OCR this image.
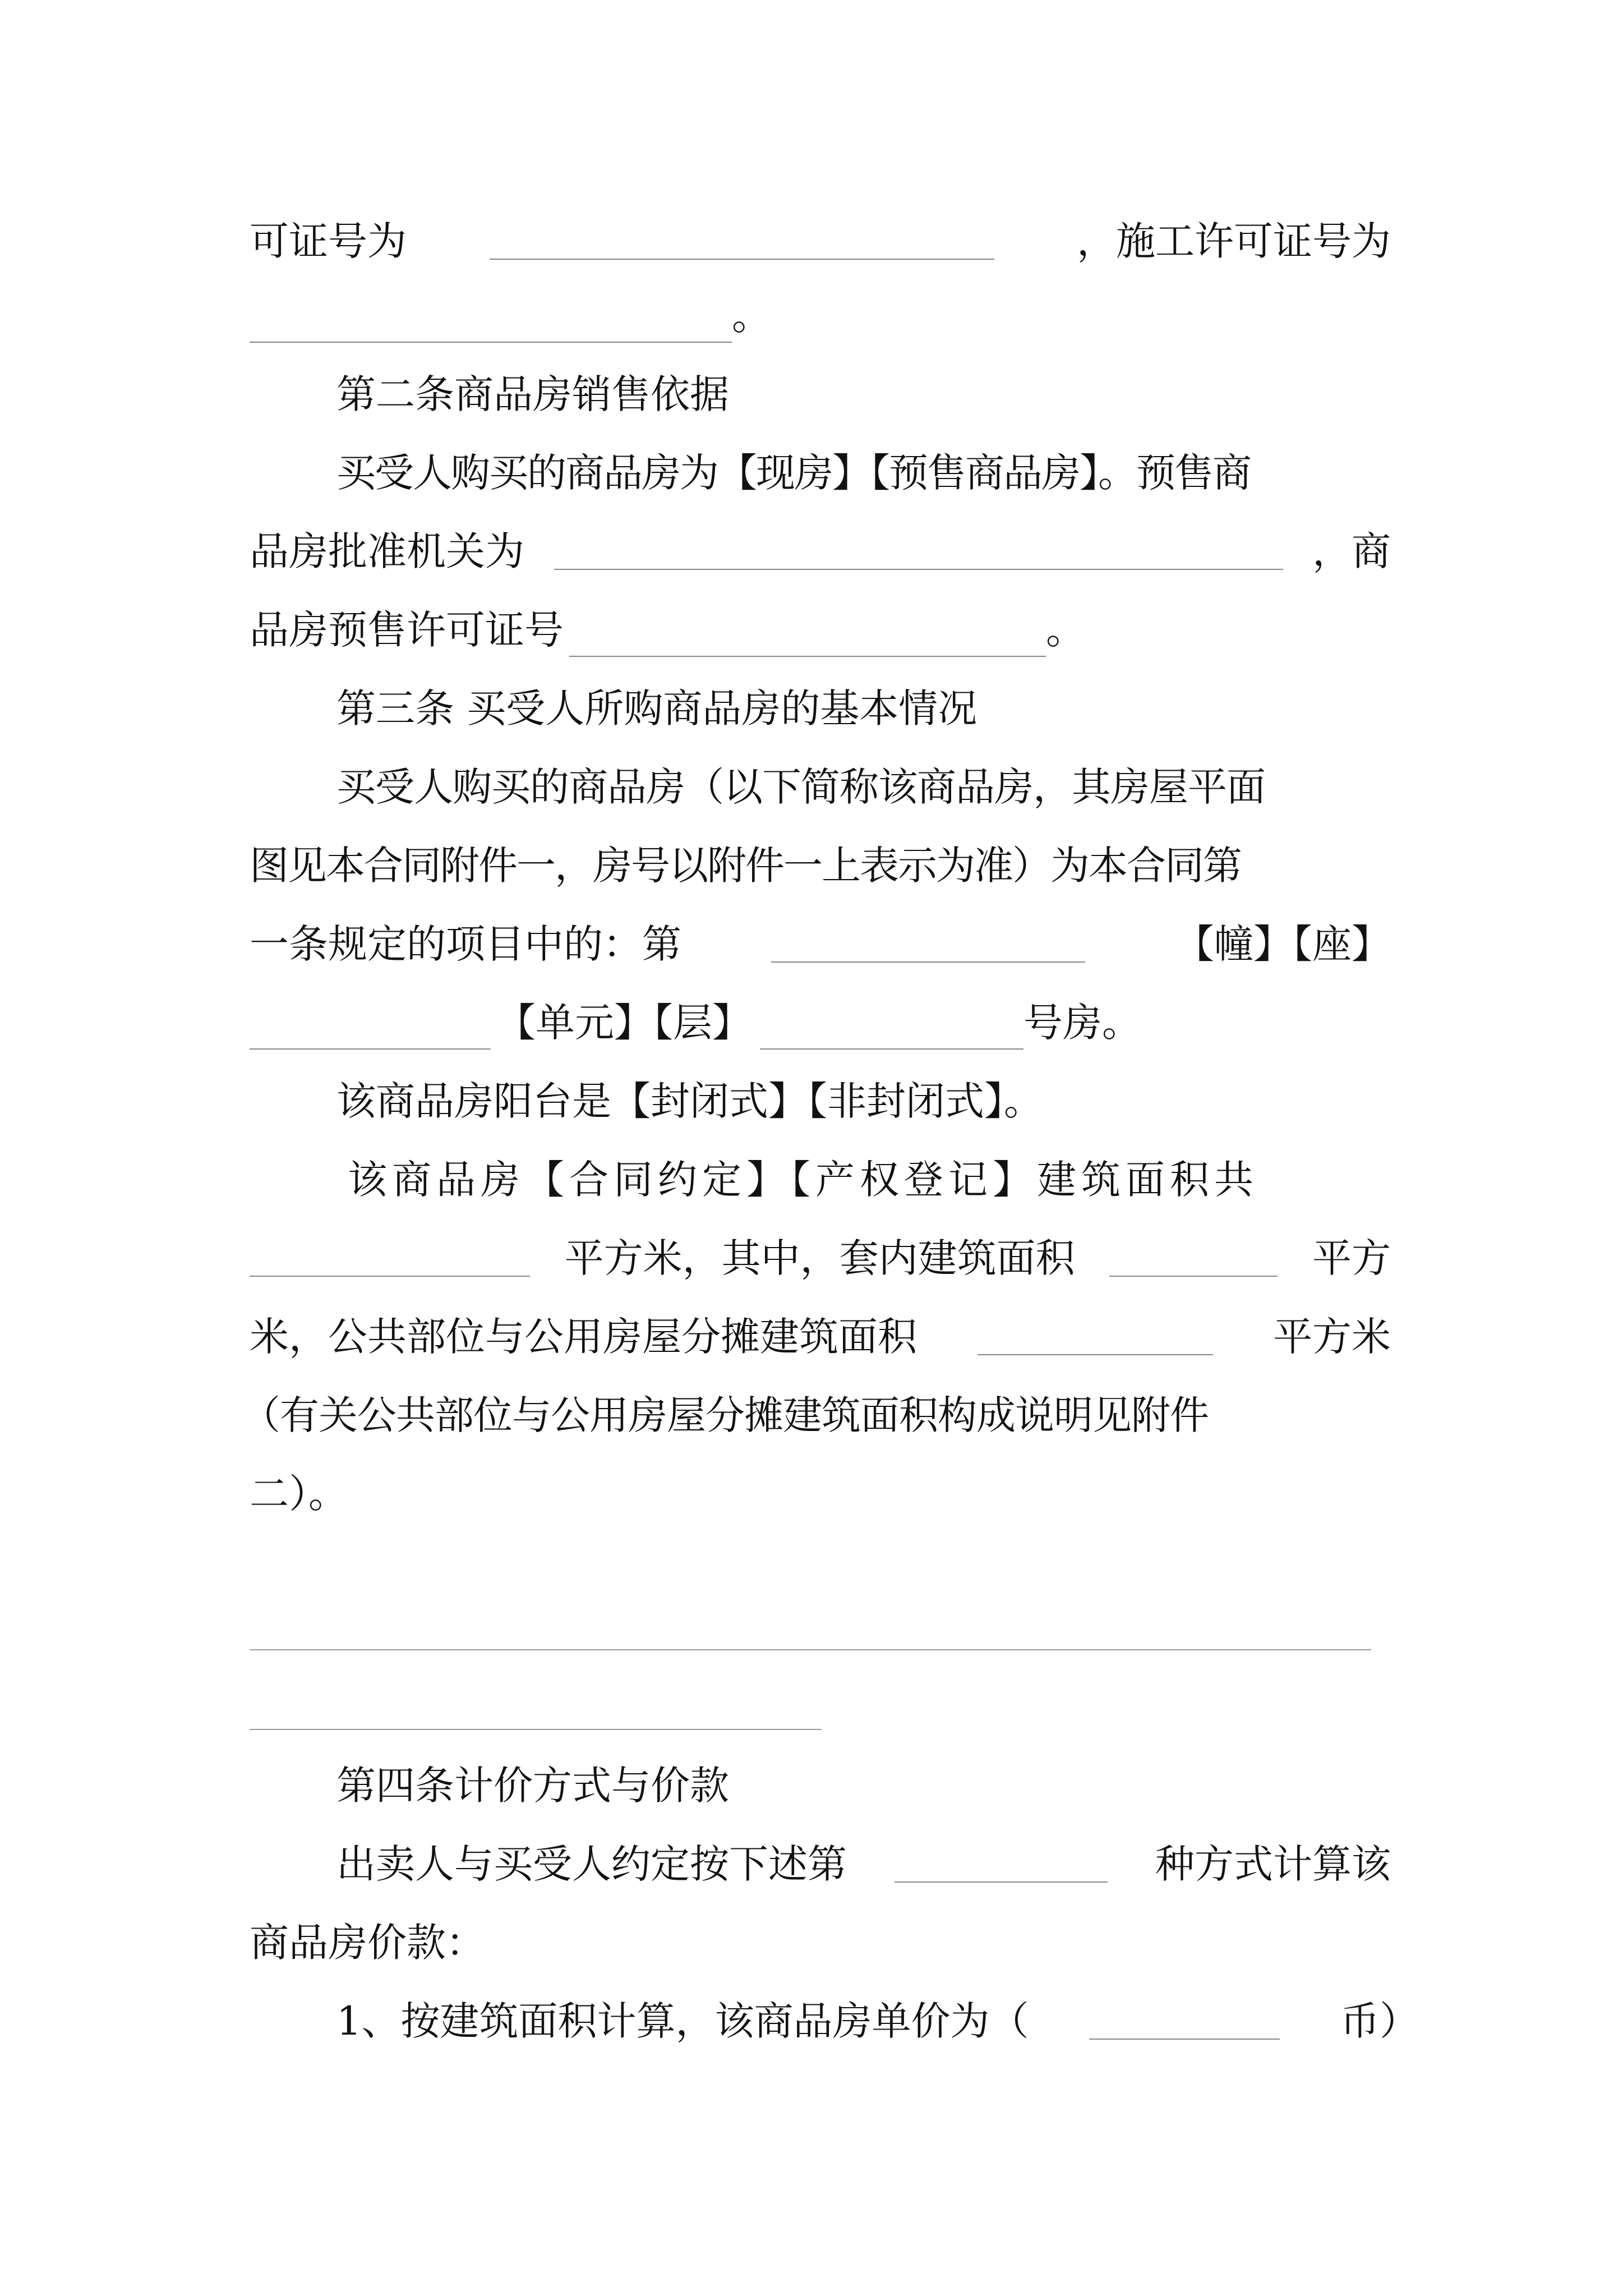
可证号为	，施工许可证号为
。
第二条商品房销售依据
买受人购买的商品房为【现房】【预售商品房】。预售商
品房批准机关为	，商
品房预售许可证号	。
第三条 买受人所购商品房的基本情况
买受人购买的商品房（以下简称该商品房，其房屋平面
图见本合同附件一，房号以附件一上表示为准）为本合同第
一条规定的项目中的：第	【幢】【座】
【单元】【层】	号房。
该商品房阳台是【封闭式】【非封闭式】。
该商品房【合同约定】【产权登记】建筑面积共
平方米，其中，套内建筑面积	平方
米，公共部位与公用房屋分摊建筑面积	平方米
（有关公共部位与公用房屋分摊建筑面积构成说明见附件
二）。
第四条计价方式与价款
出卖人与买受人约定按下述第	种方式计算该
商品房价款：
1、按建筑面积计算，该商品房单价为（	币）
